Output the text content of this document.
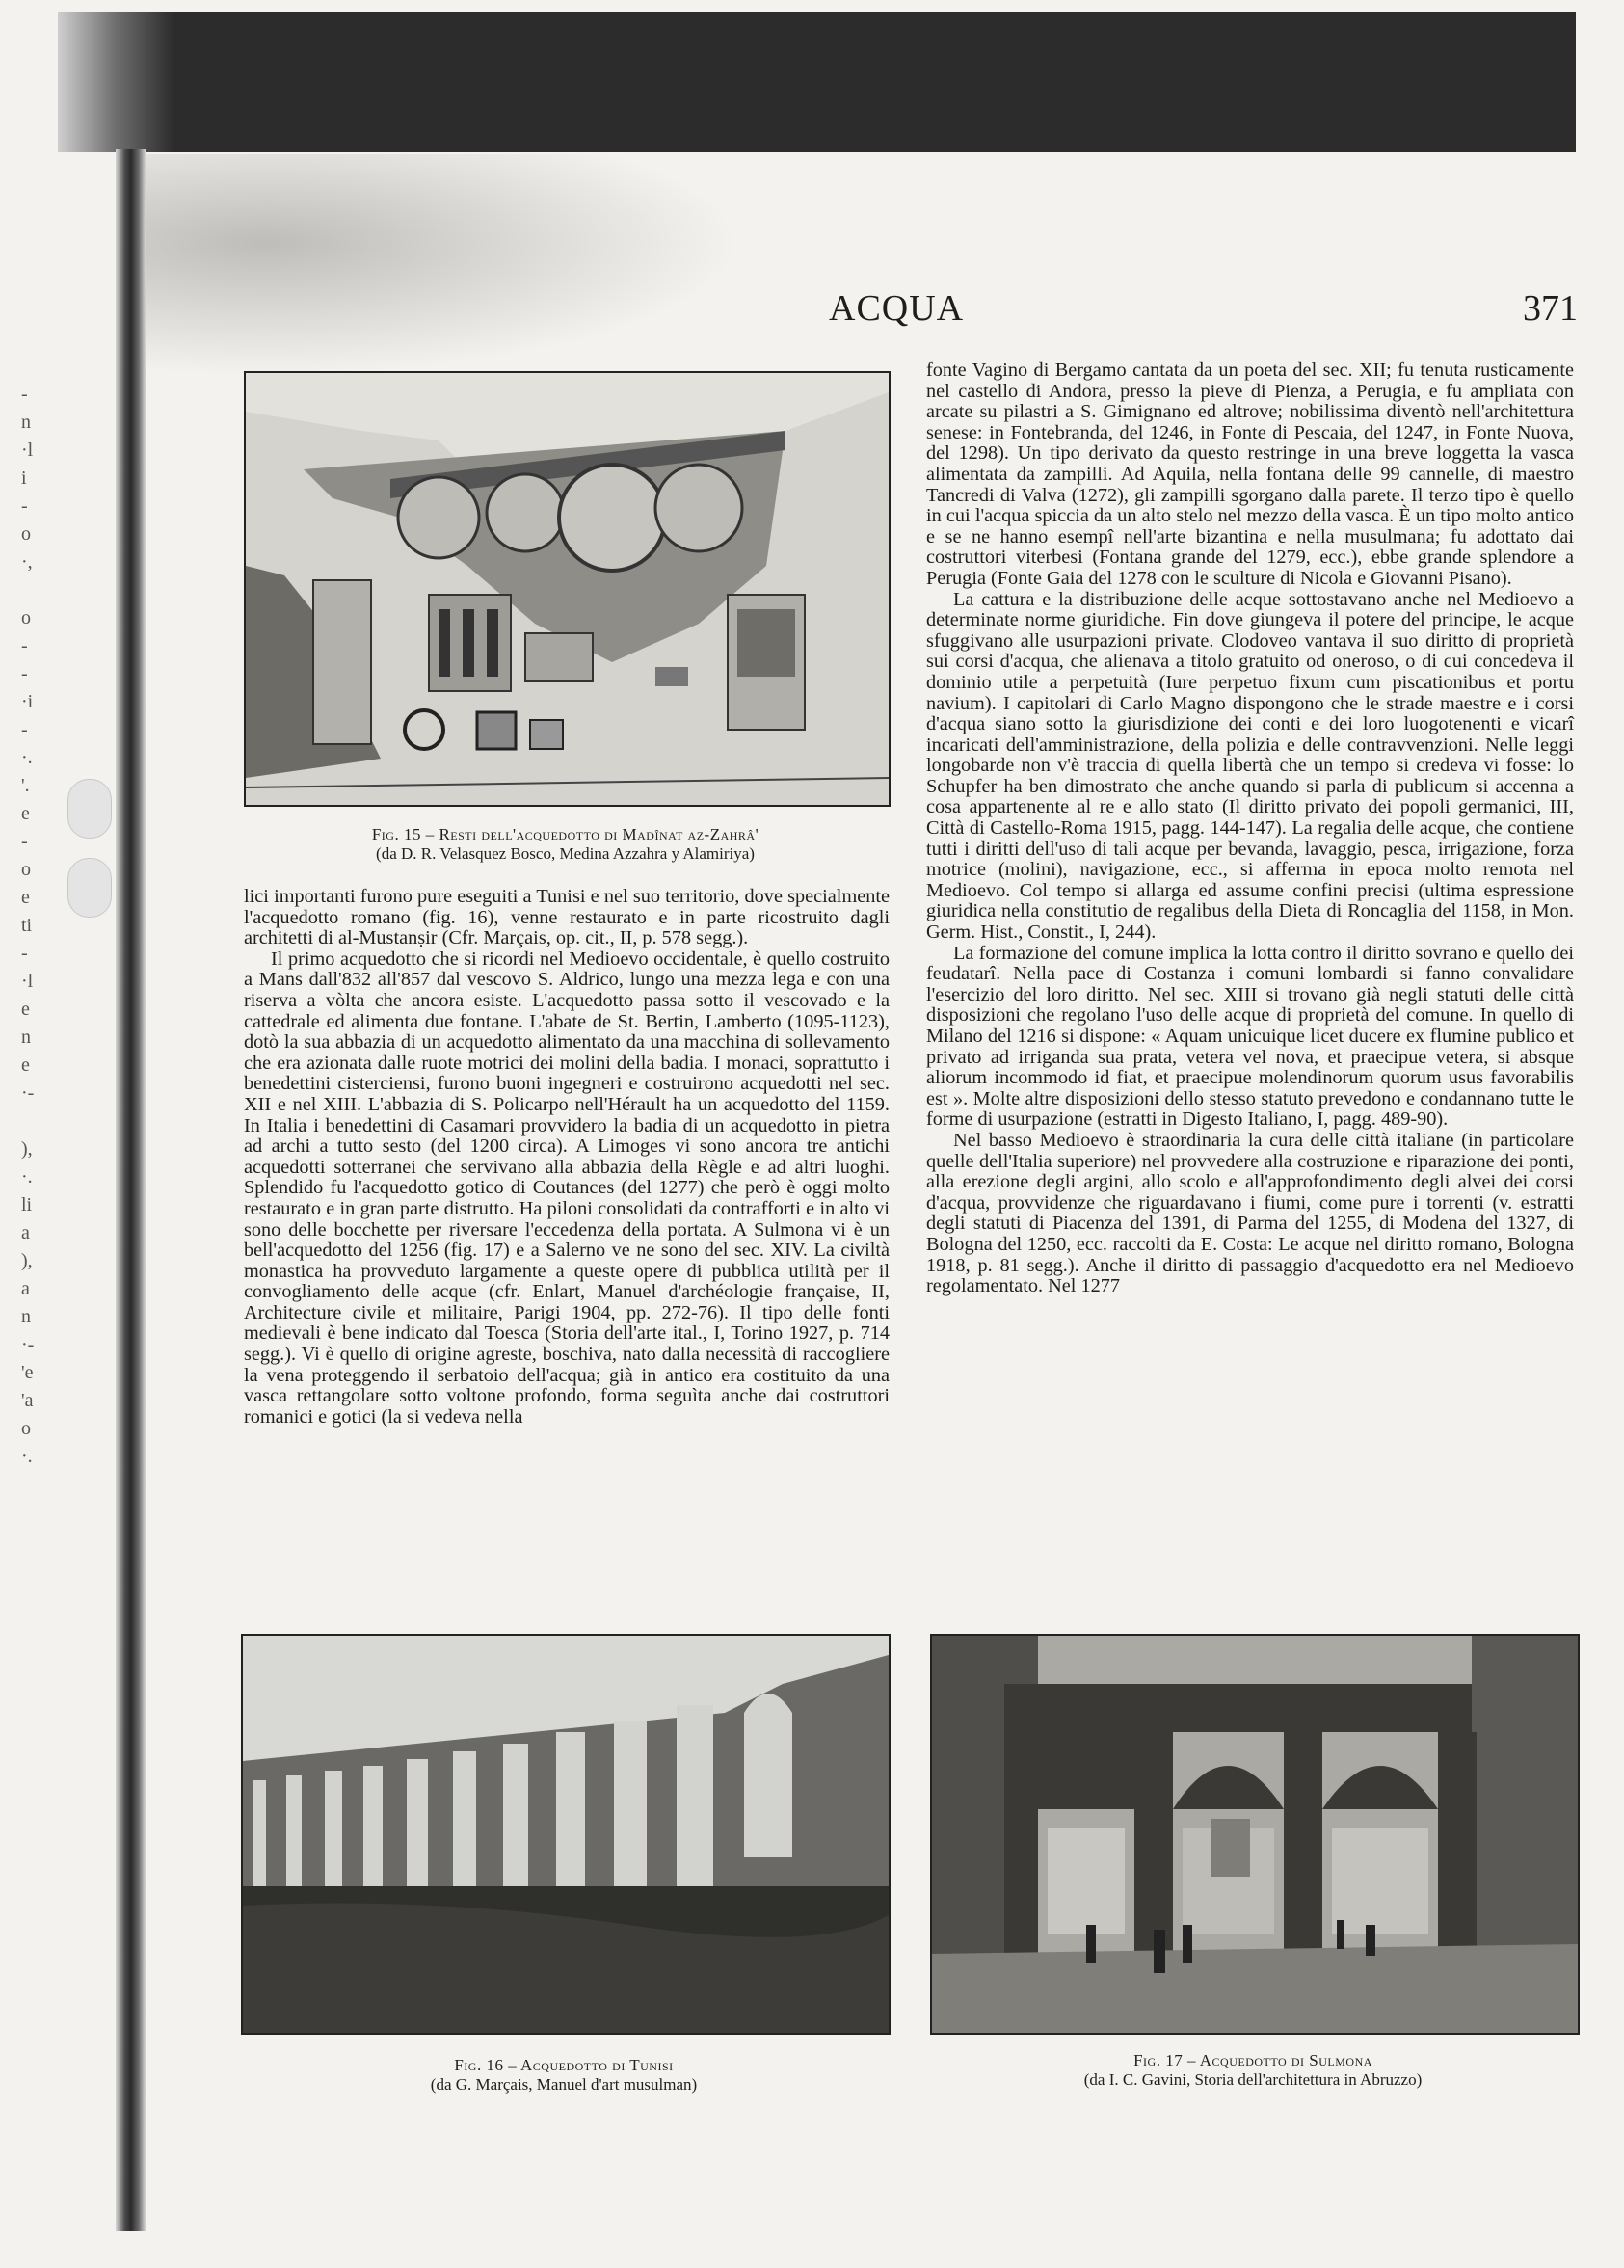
-
n
·l
i
-
o
·,
o
-
-
·i
-
·.
'.
e
-
o
e
ti
-
·l
e
n
e
·-
),
·.
li
a
),
a
n
·-
'e
'a
o
·.
ACQUA	371
Fig. 15 – Resti dell'acquedotto di Madînat az-Zahrâ'
(da D. R. Velasquez Bosco, Medina Azzahra y Alamiriya)

lici importanti furono pure eseguiti a Tunisi e nel suo territorio, dove specialmente l'acquedotto romano (fig. 16), venne restaurato e in parte ricostruito dagli architetti di al-Mustanṣir (Cfr. Marçais, op. cit., II, p. 578 segg.).

Il primo acquedotto che si ricordi nel Medioevo occidentale, è quello costruito a Mans dall'832 all'857 dal vescovo S. Aldrico, lungo una mezza lega e con una riserva a vòlta che ancora esiste. L'acquedotto passa sotto il vescovado e la cattedrale ed alimenta due fontane. L'abate de St. Bertin, Lamberto (1095-1123), dotò la sua abbazia di un acquedotto alimentato da una macchina di sollevamento che era azionata dalle ruote motrici dei molini della badia. I monaci, soprattutto i benedettini cisterciensi, furono buoni ingegneri e costruirono acquedotti nel sec. XII e nel XIII. L'abbazia di S. Policarpo nell'Hérault ha un acquedotto del 1159. In Italia i benedettini di Casamari provvidero la badia di un acquedotto in pietra ad archi a tutto sesto (del 1200 circa). A Limoges vi sono ancora tre antichi acquedotti sotterranei che servivano alla abbazia della Règle e ad altri luoghi. Splendido fu l'acquedotto gotico di Coutances (del 1277) che però è oggi molto restaurato e in gran parte distrutto. Ha piloni consolidati da contrafforti e in alto vi sono delle bocchette per riversare l'eccedenza della portata. A Sulmona vi è un bell'acquedotto del 1256 (fig. 17) e a Salerno ve ne sono del sec. XIV. La civiltà monastica ha provveduto largamente a queste opere di pubblica utilità per il convogliamento delle acque (cfr. Enlart, Manuel d'archéologie française, II, Architecture civile et militaire, Parigi 1904, pp. 272-76). Il tipo delle fonti medievali è bene indicato dal Toesca (Storia dell'arte ital., I, Torino 1927, p. 714 segg.). Vi è quello di origine agreste, boschiva, nato dalla necessità di raccogliere la vena proteggendo il serbatoio dell'acqua; già in antico era costituito da una vasca rettangolare sotto voltone profondo, forma seguìta anche dai costruttori romanici e gotici (la si vedeva nella

fonte Vagino di Bergamo cantata da un poeta del sec. XII; fu tenuta rusticamente nel castello di Andora, presso la pieve di Pienza, a Perugia, e fu ampliata con arcate su pilastri a S. Gimignano ed altrove; nobilissima diventò nell'architettura senese: in Fontebranda, del 1246, in Fonte di Pescaia, del 1247, in Fonte Nuova, del 1298). Un tipo derivato da questo restringe in una breve loggetta la vasca alimentata da zampilli. Ad Aquila, nella fontana delle 99 cannelle, di maestro Tancredi di Valva (1272), gli zampilli sgorgano dalla parete. Il terzo tipo è quello in cui l'acqua spiccia da un alto stelo nel mezzo della vasca. È un tipo molto antico e se ne hanno esempî nell'arte bizantina e nella musulmana; fu adottato dai costruttori viterbesi (Fontana grande del 1279, ecc.), ebbe grande splendore a Perugia (Fonte Gaia del 1278 con le sculture di Nicola e Giovanni Pisano).

La cattura e la distribuzione delle acque sottostavano anche nel Medioevo a determinate norme giuridiche. Fin dove giungeva il potere del principe, le acque sfuggivano alle usurpazioni private. Clodoveo vantava il suo diritto di proprietà sui corsi d'acqua, che alienava a titolo gratuito od oneroso, o di cui concedeva il dominio utile a perpetuità (Iure perpetuo fixum cum piscationibus et portu navium). I capitolari di Carlo Magno dispongono che le strade maestre e i corsi d'acqua siano sotto la giurisdizione dei conti e dei loro luogotenenti e vicarî incaricati dell'amministrazione, della polizia e delle contravvenzioni. Nelle leggi longobarde non v'è traccia di quella libertà che un tempo si credeva vi fosse: lo Schupfer ha ben dimostrato che anche quando si parla di publicum si accenna a cosa appartenente al re e allo stato (Il diritto privato dei popoli germanici, III, Città di Castello-Roma 1915, pagg. 144-147). La regalia delle acque, che contiene tutti i diritti dell'uso di tali acque per bevanda, lavaggio, pesca, irrigazione, forza motrice (molini), navigazione, ecc., si afferma in epoca molto remota nel Medioevo. Col tempo si allarga ed assume confini precisi (ultima espressione giuridica nella constitutio de regalibus della Dieta di Roncaglia del 1158, in Mon. Germ. Hist., Constit., I, 244).

La formazione del comune implica la lotta contro il diritto sovrano e quello dei feudatarî. Nella pace di Costanza i comuni lombardi si fanno convalidare l'esercizio del loro diritto. Nel sec. XIII si trovano già negli statuti delle città disposizioni che regolano l'uso delle acque di proprietà del comune. In quello di Milano del 1216 si dispone: « Aquam unicuique licet ducere ex flumine publico et privato ad irriganda sua prata, vetera vel nova, et praecipue vetera, si absque aliorum incommodo id fiat, et praecipue molendinorum quorum usus favorabilis est ». Molte altre disposizioni dello stesso statuto prevedono e condannano tutte le forme di usurpazione (estratti in Digesto Italiano, I, pagg. 489-90).

Nel basso Medioevo è straordinaria la cura delle città italiane (in particolare quelle dell'Italia superiore) nel provvedere alla costruzione e riparazione dei ponti, alla erezione degli argini, allo scolo e all'approfondimento degli alvei dei corsi d'acqua, provvidenze che riguardavano i fiumi, come pure i torrenti (v. estratti degli statuti di Piacenza del 1391, di Parma del 1255, di Modena del 1327, di Bologna del 1250, ecc. raccolti da E. Costa: Le acque nel diritto romano, Bologna 1918, p. 81 segg.). Anche il diritto di passaggio d'acquedotto era nel Medioevo regolamentato. Nel 1277

Fig. 16 – Acquedotto di Tunisi
(da G. Marçais, Manuel d'art musulman)
Fig. 17 – Acquedotto di Sulmona
(da I. C. Gavini, Storia dell'architettura in Abruzzo)
